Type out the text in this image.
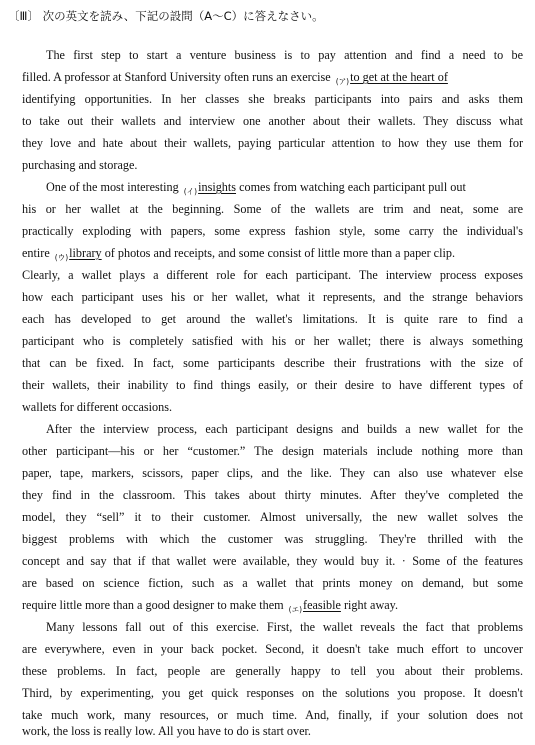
〔Ⅲ〕 次の英文を読み、下記の設問（A〜C）に答えなさい。
The first step to start a venture business is to pay attention and find a need to be
filled. A professor at Stanford University often runs an exercise $_{(ア)}$to get at the heart of
identifying opportunities. In her classes she breaks participants into pairs and asks them
to take out their wallets and interview one another about their wallets. They discuss what
they love and hate about their wallets, paying particular attention to how they use them for
purchasing and storage.
One of the most interesting $_{(イ)}$insights comes from watching each participant pull out
his or her wallet at the beginning. Some of the wallets are trim and neat, some are
practically exploding with papers, some express fashion style, some carry the individual's
entire $_{(ウ)}$library of photos and receipts, and some consist of little more than a paper clip.
Clearly, a wallet plays a different role for each participant. The interview process exposes
how each participant uses his or her wallet, what it represents, and the strange behaviors
each has developed to get around the wallet's limitations. It is quite rare to find a
participant who is completely satisfied with his or her wallet; there is always something
that can be fixed. In fact, some participants describe their frustrations with the size of
their wallets, their inability to find things easily, or their desire to have different types of
wallets for different occasions.
After the interview process, each participant designs and builds a new wallet for the
other participant—his or her “customer.” The design materials include nothing more than
paper, tape, markers, scissors, paper clips, and the like. They can also use whatever else
they find in the classroom. This takes about thirty minutes. After they've completed the
model, they “sell” it to their customer. Almost universally, the new wallet solves the
biggest problems with which the customer was struggling. They're thrilled with the
concept and say that if that wallet were available, they would buy it. · Some of the features
are based on science fiction, such as a wallet that prints money on demand, but some
require little more than a good designer to make them $_{(エ)}$feasible right away.
Many lessons fall out of this exercise. First, the wallet reveals the fact that problems
are everywhere, even in your back pocket. Second, it doesn't take much effort to uncover
these problems. In fact, people are generally happy to tell you about their problems.
Third, by experimenting, you get quick responses on the solutions you propose. It doesn't
take much work, many resources, or much time. And, finally, if your solution does not
work, the loss is really low. All you have to do is start over.
